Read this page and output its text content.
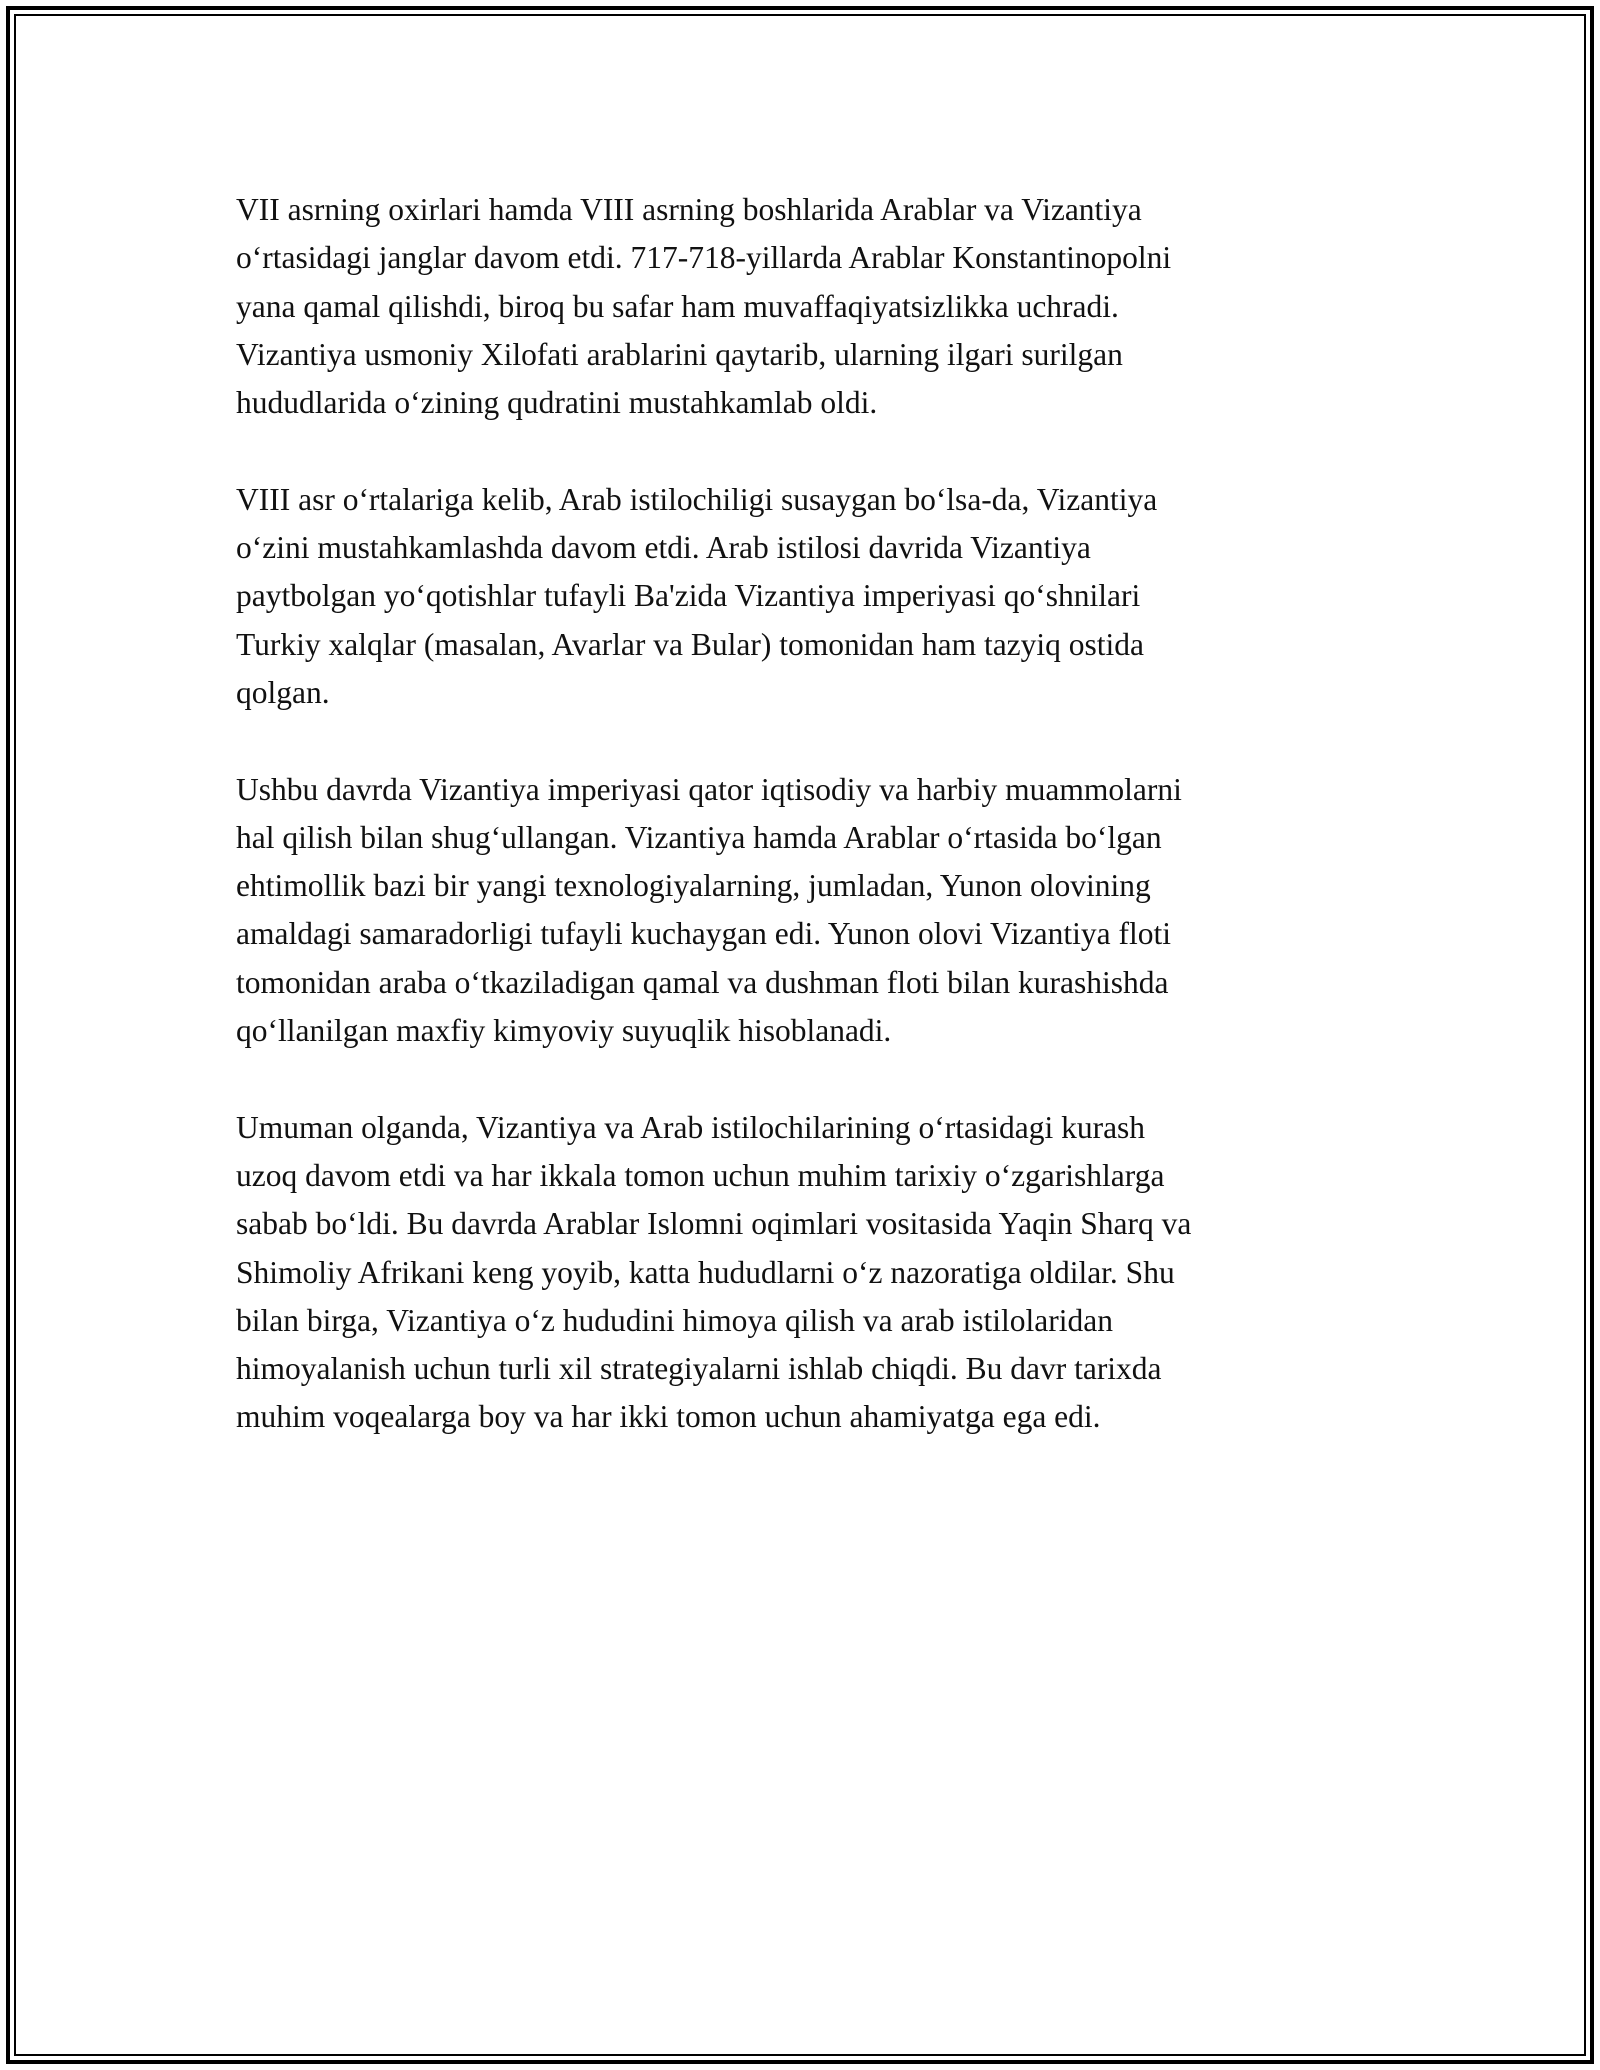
VII asrning oxirlari hamda VIII asrning boshlarida Arablar va Vizantiya
oʻrtasidagi janglar davom etdi. 717-718-yillarda Arablar Konstantinopolni
yana qamal qilishdi, biroq bu safar ham muvaffaqiyatsizlikka uchradi.
Vizantiya usmoniy Xilofati arablarini qaytarib, ularning ilgari surilgan
hududlarida oʻzining qudratini mustahkamlab oldi.

VIII asr oʻrtalariga kelib, Arab istilochiligi susaygan boʻlsa-da, Vizantiya
oʻzini mustahkamlashda davom etdi. Arab istilosi davrida Vizantiya
paytbolgan yoʻqotishlar tufayli Ba'zida Vizantiya imperiyasi qoʻshnilari
Turkiy xalqlar (masalan, Avarlar va Bular) tomonidan ham tazyiq ostida
qolgan.

Ushbu davrda Vizantiya imperiyasi qator iqtisodiy va harbiy muammolarni
hal qilish bilan shugʻullangan. Vizantiya hamda Arablar oʻrtasida boʻlgan
ehtimollik bazi bir yangi texnologiyalarning, jumladan, Yunon olovining
amaldagi samaradorligi tufayli kuchaygan edi. Yunon olovi Vizantiya floti
tomonidan araba oʻtkaziladigan qamal va dushman floti bilan kurashishda
qoʻllanilgan maxfiy kimyoviy suyuqlik hisoblanadi.

Umuman olganda, Vizantiya va Arab istilochilarining oʻrtasidagi kurash
uzoq davom etdi va har ikkala tomon uchun muhim tarixiy oʻzgarishlarga
sabab boʻldi. Bu davrda Arablar Islomni oqimlari vositasida Yaqin Sharq va
Shimoliy Afrikani keng yoyib, katta hududlarni oʻz nazoratiga oldilar. Shu
bilan birga, Vizantiya oʻz hududini himoya qilish va arab istilolaridan
himoyalanish uchun turli xil strategiyalarni ishlab chiqdi. Bu davr tarixda
muhim voqealarga boy va har ikki tomon uchun ahamiyatga ega edi.
